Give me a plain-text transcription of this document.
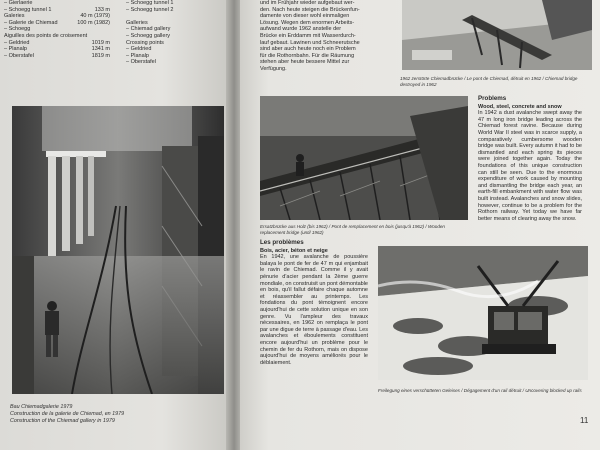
– Gierlaerie
– Schoegg tunnel 1	133 m
Galeries	40 m (1979)
– Galerie de Chiemad	100 m (1982)
– Schoegg
Aiguilles des points de croisement
– Geldried	1019 m
– Planalp	1341 m
– Oberstafel	1819 m
– Schoegg tunnel 1
– Schoegg tunnel 2

Galleries
– Chiemad gallery
– Schoegg gallery
Crossing points
– Geldried
– Planalp
– Oberstafel
Bau Chiemadgalerie 1979
Construction de la galerie de Chiemad, en 1979
Construction of the Chiemad gallery in 1979
und im Frühjahr wieder aufgebaut wer-
den. Nach heute steigen die Brückenfun-
damente von dieser wohl einmaligen
Lösung. Wegen dem enormen Arbeits-
aufwand wurde 1962 anstelle der
Brücke ein Erddamm mit Wasserdurch-
lauf gebaut. Lawinen und Schneerutsche
sind aber auch heute noch ein Problem
für die Rothornbahn. Für die Räumung
stehen aber heute bessere Mittel zur
Verfügung.
1962 zerstörte Chiemadbrücke / Le pont de Chiemad, détruit en 1962 / Chiemad bridge destroyed in 1962
Ersatzbrücke aus Holz (bis 1962) / Pont de remplacement en bois (jusqu'à 1962) / Wooden replacement bridge (until 1962)
Problems
Wood, steel, concrete and snow
In 1942 a dust avalanche swept away the 47 m long iron bridge leading across the Chiemad forest ravine. Because during World War II steel was in scarce supply, a comparatively cumbersome wooden bridge was built. Every autumn it had to be dismantled and each spring its pieces were joined together again. Today the foundations of this unique construction can still be seen. Due to the enormous expenditure of work caused by mounting and dismantling the bridge each year, an earth-fill embankment with water flow was built instead. Avalanches and snow slides, however, continue to be a problem for the Rothorn railway. Yet today we have far better means of clearing away the snow.
Les problèmes
Bois, acier, béton et neige
En 1942, une avalanche de poussière balaya le pont de fer de 47 m qui enjambait le ravin de Chiemad. Comme il y avait pénurie d'acier pendant la 2ème guerre mondiale, on construisit un pont démontable en bois, qu'il fallut défaire chaque automne et réassembler au printemps. Les fondations du pont témoignent encore aujourd'hui de cette solution unique en son genre. Vu l'ampleur des travaux nécessaires, en 1962 on remplaça le pont par une digue de terre à passage d'eau. Les avalanches et éboulements constituent encore aujourd'hui un problème pour le chemin de fer du Rothorn, mais on dispose aujourd'hui de moyens améliorés pour le déblaiement.
Freilegung eines verschütteten Geleises / Dégagement d'un rail détruit / Uncovering blocked up rails
11
